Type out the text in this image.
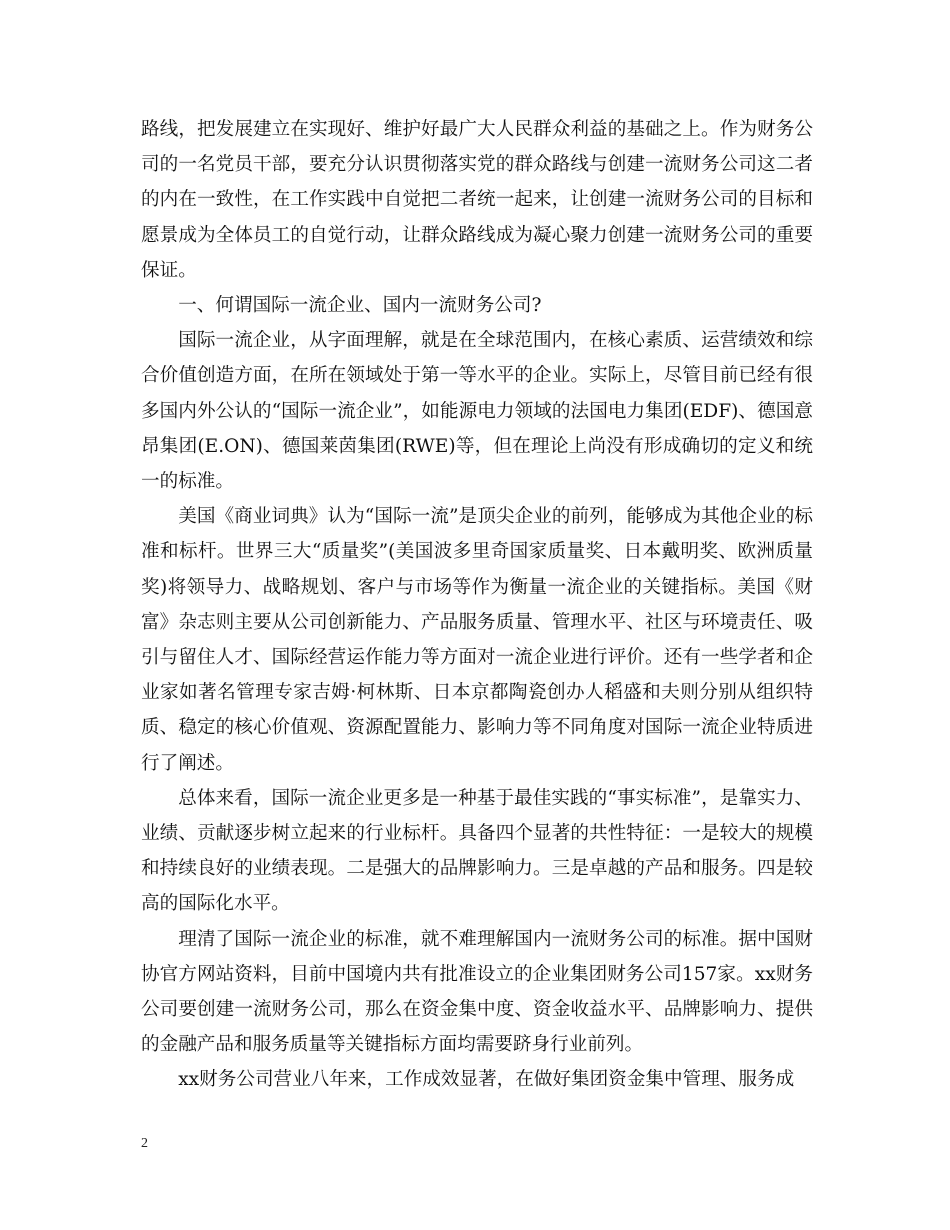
路线，把发展建立在实现好、维护好最广大人民群众利益的基础之上。作为财务公司的一名党员干部，要充分认识贯彻落实党的群众路线与创建一流财务公司这二者的内在一致性，在工作实践中自觉把二者统一起来，让创建一流财务公司的目标和愿景成为全体员工的自觉行动，让群众路线成为凝心聚力创建一流财务公司的重要保证。

一、何谓国际一流企业、国内一流财务公司?

国际一流企业，从字面理解，就是在全球范围内，在核心素质、运营绩效和综合价值创造方面，在所在领域处于第一等水平的企业。实际上，尽管目前已经有很多国内外公认的“国际一流企业”，如能源电力领域的法国电力集团(EDF)、德国意昂集团(E.ON)、德国莱茵集团(RWE)等，但在理论上尚没有形成确切的定义和统一的标准。

美国《商业词典》认为“国际一流”是顶尖企业的前列，能够成为其他企业的标准和标杆。世界三大“质量奖”(美国波多里奇国家质量奖、日本戴明奖、欧洲质量奖)将领导力、战略规划、客户与市场等作为衡量一流企业的关键指标。美国《财富》杂志则主要从公司创新能力、产品服务质量、管理水平、社区与环境责任、吸引与留住人才、国际经营运作能力等方面对一流企业进行评价。还有一些学者和企业家如著名管理专家吉姆·柯林斯、日本京都陶瓷创办人稻盛和夫则分别从组织特质、稳定的核心价值观、资源配置能力、影响力等不同角度对国际一流企业特质进行了阐述。

总体来看，国际一流企业更多是一种基于最佳实践的“事实标准”，是靠实力、业绩、贡献逐步树立起来的行业标杆。具备四个显著的共性特征：一是较大的规模和持续良好的业绩表现。二是强大的品牌影响力。三是卓越的产品和服务。四是较高的国际化水平。

理清了国际一流企业的标准，就不难理解国内一流财务公司的标准。据中国财协官方网站资料，目前中国境内共有批准设立的企业集团财务公司157家。xx财务公司要创建一流财务公司，那么在资金集中度、资金收益水平、品牌影响力、提供的金融产品和服务质量等关键指标方面均需要跻身行业前列。

xx财务公司营业八年来，工作成效显著，在做好集团资金集中管理、服务成

2
